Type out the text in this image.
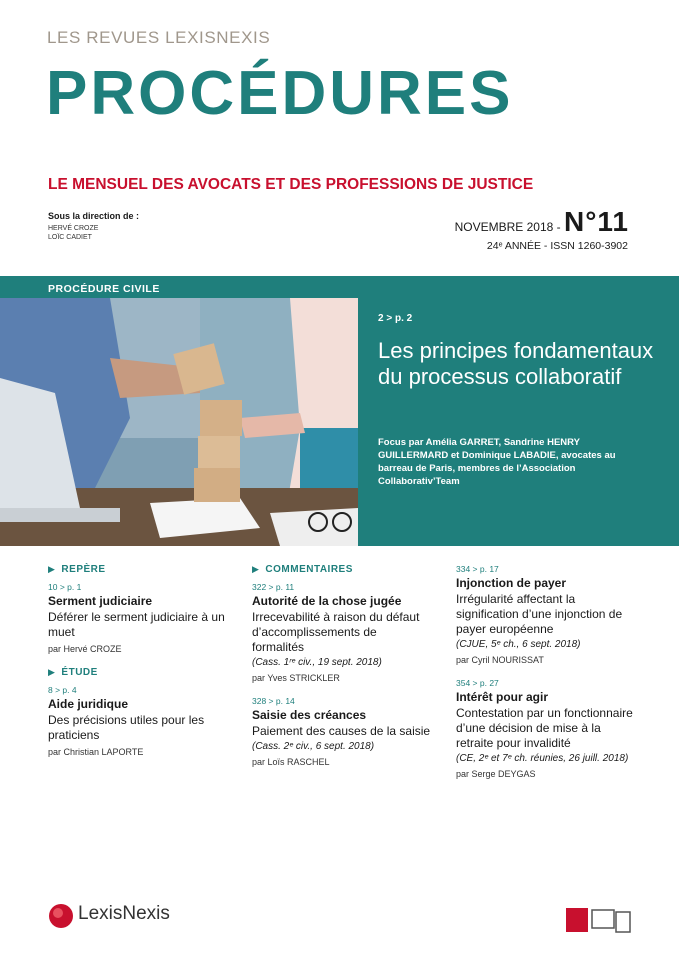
LES REVUES LEXISNEXIS
PROCÉDURES
LE MENSUEL DES AVOCATS ET DES PROFESSIONS DE JUSTICE
Sous la direction de :
HERVÉ CROZE
LOÏC CADIET
NOVEMBRE 2018 - N°11
24ᵉ ANNÉE - ISSN 1260-3902
PROCÉDURE CIVILE
2 > p. 2
Les principes fondamentaux du processus collaboratif
Focus par Amélia GARRET, Sandrine HENRY GUILLERMARD et Dominique LABADIE, avocates au barreau de Paris, membres de l’Association Collaborativ’Team
▶ REPÈRE
10 > p. 1
Serment judiciaire
Déférer le serment judiciaire à un muet
par Hervé CROZE
▶ ÉTUDE
8 > p. 4
Aide juridique
Des précisions utiles pour les praticiens
par Christian LAPORTE
▶ COMMENTAIRES
322 > p. 11
Autorité de la chose jugée
Irrecevabilité à raison du défaut d’accomplissements de formalités
(Cass. 1ʳᵉ civ., 19 sept. 2018)
par Yves STRICKLER
328 > p. 14
Saisie des créances
Paiement des causes de la saisie
(Cass. 2ᵉ civ., 6 sept. 2018)
par Loïs RASCHEL
334 > p. 17
Injonction de payer
Irrégularité affectant la signification d’une injonction de payer européenne
(CJUE, 5ᵉ ch., 6 sept. 2018)
par Cyril NOURISSAT
354 > p. 27
Intérêt pour agir
Contestation par un fonctionnaire d’une décision de mise à la retraite pour invalidité
(CE, 2ᵉ et 7ᵉ ch. réunies, 26 juill. 2018)
par Serge DEYGAS
LexisNexis
